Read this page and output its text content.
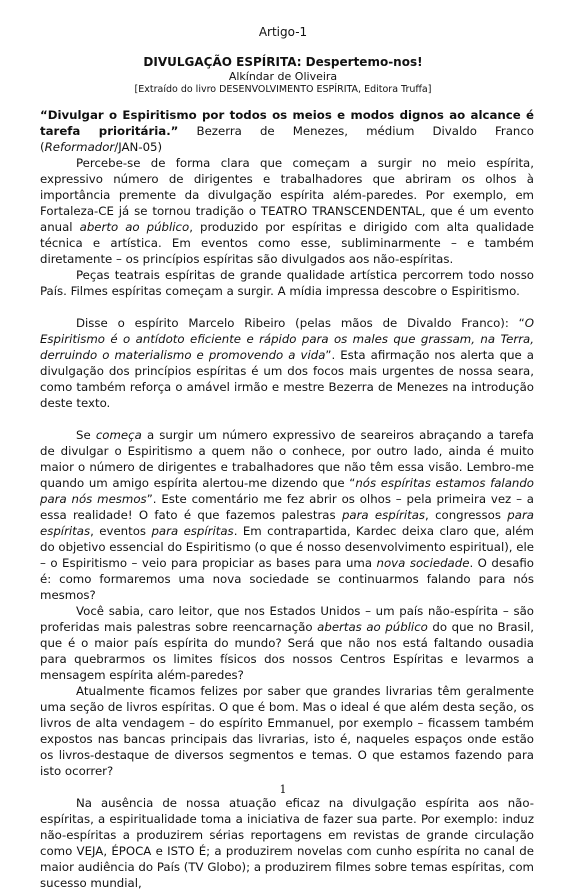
Artigo-1
DIVULGAÇÃO ESPÍRITA: Despertemo-nos!
Alkíndar de Oliveira
[Extraído do livro DESENVOLVIMENTO ESPÍRITA, Editora Truffa]

“Divulgar o Espiritismo por todos os meios e modos dignos ao alcance é tarefa prioritária.” Bezerra de Menezes, médium Divaldo Franco (Reformador/JAN-05)

Percebe-se de forma clara que começam a surgir no meio espírita, expressivo número de dirigentes e trabalhadores que abriram os olhos à importância premente da divulgação espírita além-paredes. Por exemplo, em Fortaleza-CE já se tornou tradição o TEATRO TRANSCENDENTAL, que é um evento anual aberto ao público, produzido por espíritas e dirigido com alta qualidade técnica e artística. Em eventos como esse, subliminarmente – e também diretamente – os princípios espíritas são divulgados aos não-espíritas.

Peças teatrais espíritas de grande qualidade artística percorrem todo nosso País. Filmes espíritas começam a surgir. A mídia impressa descobre o Espiritismo.

Disse o espírito Marcelo Ribeiro (pelas mãos de Divaldo Franco): “O Espiritismo é o antídoto eficiente e rápido para os males que grassam, na Terra, derruindo o materialismo e promovendo a vida”. Esta afirmação nos alerta que a divulgação dos princípios espíritas é um dos focos mais urgentes de nossa seara, como também reforça o amável irmão e mestre Bezerra de Menezes na introdução deste texto.

Se começa a surgir um número expressivo de seareiros abraçando a tarefa de divulgar o Espiritismo a quem não o conhece, por outro lado, ainda é muito maior o número de dirigentes e trabalhadores que não têm essa visão. Lembro-me quando um amigo espírita alertou-me dizendo que “nós espíritas estamos falando para nós mesmos”. Este comentário me fez abrir os olhos – pela primeira vez – a essa realidade! O fato é que fazemos palestras para espíritas, congressos para espíritas, eventos para espíritas. Em contrapartida, Kardec deixa claro que, além do objetivo essencial do Espiritismo (o que é nosso desenvolvimento espiritual), ele – o Espiritismo – veio para propiciar as bases para uma nova sociedade. O desafio é: como formaremos uma nova sociedade se continuarmos falando para nós mesmos?

Você sabia, caro leitor, que nos Estados Unidos – um país não-espírita – são proferidas mais palestras sobre reencarnação abertas ao público do que no Brasil, que é o maior país espírita do mundo? Será que não nos está faltando ousadia para quebrarmos os limites físicos dos nossos Centros Espíritas e levarmos a mensagem espírita além-paredes?

Atualmente ficamos felizes por saber que grandes livrarias têm geralmente uma seção de livros espíritas. O que é bom. Mas o ideal é que além desta seção, os livros de alta vendagem – do espírito Emmanuel, por exemplo – ficassem também expostos nas bancas principais das livrarias, isto é, naqueles espaços onde estão os livros-destaque de diversos segmentos e temas. O que estamos fazendo para isto ocorrer?

Na ausência de nossa atuação eficaz na divulgação espírita aos não-espíritas, a espiritualidade toma a iniciativa de fazer sua parte. Por exemplo: induz não-espíritas a produzirem sérias reportagens em revistas de grande circulação como VEJA, ÉPOCA e ISTO É; a produzirem novelas com cunho espírita no canal de maior audiência do País (TV Globo); a produzirem filmes sobre temas espíritas, com sucesso mundial,

1
